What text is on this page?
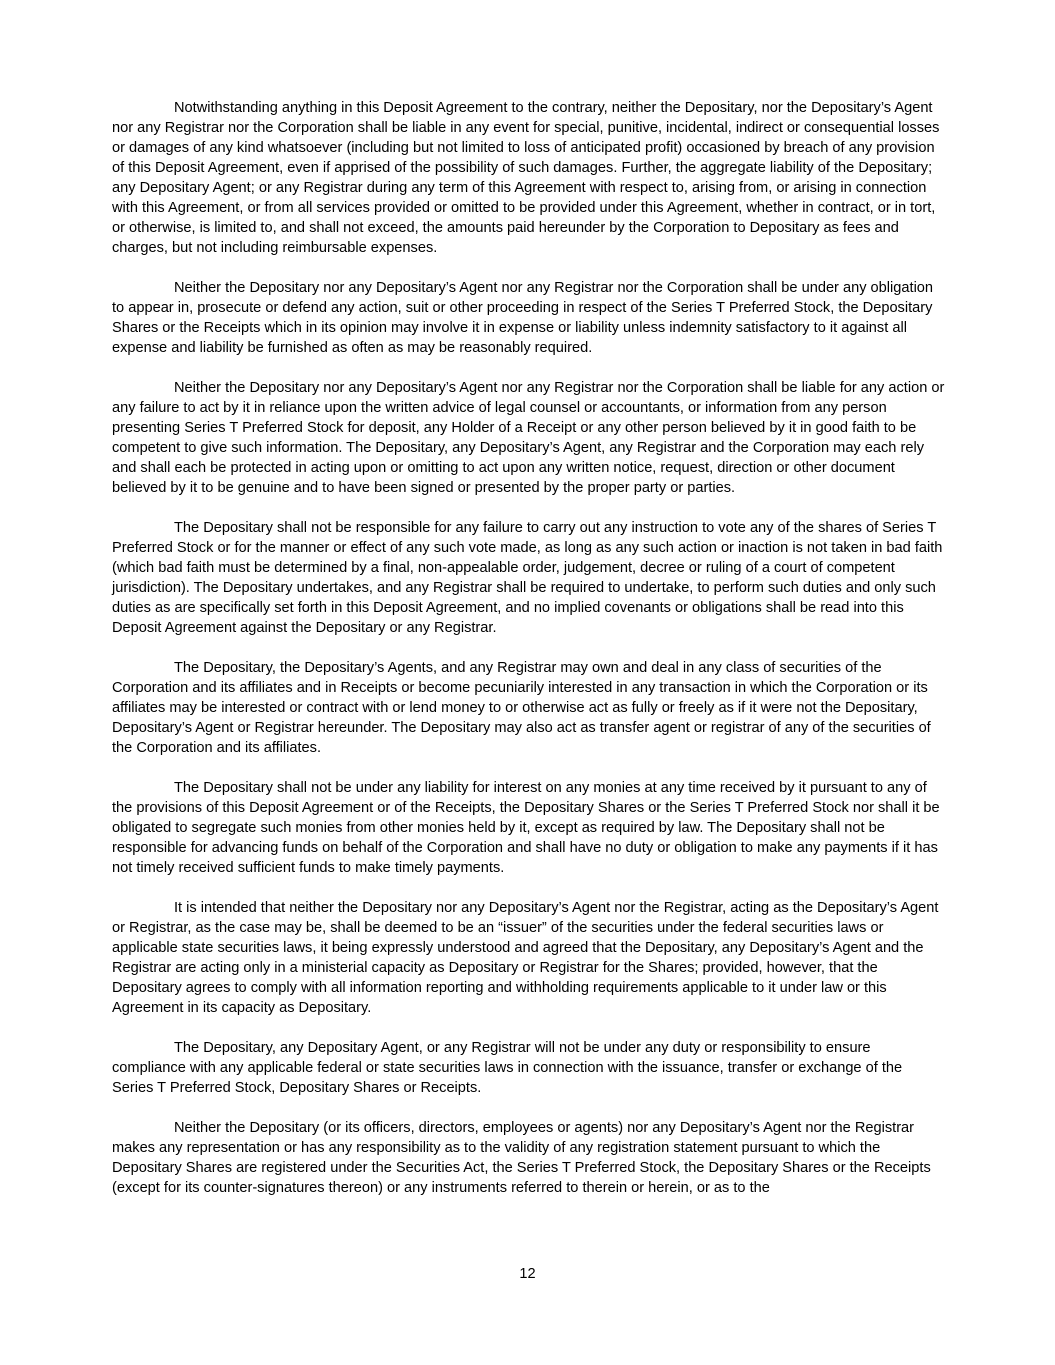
Notwithstanding anything in this Deposit Agreement to the contrary, neither the Depositary, nor the Depositary’s Agent nor any Registrar nor the Corporation shall be liable in any event for special, punitive, incidental, indirect or consequential losses or damages of any kind whatsoever (including but not limited to loss of anticipated profit) occasioned by breach of any provision of this Deposit Agreement, even if apprised of the possibility of such damages. Further, the aggregate liability of the Depositary; any Depositary Agent; or any Registrar during any term of this Agreement with respect to, arising from, or arising in connection with this Agreement, or from all services provided or omitted to be provided under this Agreement, whether in contract, or in tort, or otherwise, is limited to, and shall not exceed, the amounts paid hereunder by the Corporation to Depositary as fees and charges, but not including reimbursable expenses.

Neither the Depositary nor any Depositary’s Agent nor any Registrar nor the Corporation shall be under any obligation to appear in, prosecute or defend any action, suit or other proceeding in respect of the Series T Preferred Stock, the Depositary Shares or the Receipts which in its opinion may involve it in expense or liability unless indemnity satisfactory to it against all expense and liability be furnished as often as may be reasonably required.

Neither the Depositary nor any Depositary’s Agent nor any Registrar nor the Corporation shall be liable for any action or any failure to act by it in reliance upon the written advice of legal counsel or accountants, or information from any person presenting Series T Preferred Stock for deposit, any Holder of a Receipt or any other person believed by it in good faith to be competent to give such information. The Depositary, any Depositary’s Agent, any Registrar and the Corporation may each rely and shall each be protected in acting upon or omitting to act upon any written notice, request, direction or other document believed by it to be genuine and to have been signed or presented by the proper party or parties.

The Depositary shall not be responsible for any failure to carry out any instruction to vote any of the shares of Series T Preferred Stock or for the manner or effect of any such vote made, as long as any such action or inaction is not taken in bad faith (which bad faith must be determined by a final, non-appealable order, judgement, decree or ruling of a court of competent jurisdiction). The Depositary undertakes, and any Registrar shall be required to undertake, to perform such duties and only such duties as are specifically set forth in this Deposit Agreement, and no implied covenants or obligations shall be read into this Deposit Agreement against the Depositary or any Registrar.

The Depositary, the Depositary’s Agents, and any Registrar may own and deal in any class of securities of the Corporation and its affiliates and in Receipts or become pecuniarily interested in any transaction in which the Corporation or its affiliates may be interested or contract with or lend money to or otherwise act as fully or freely as if it were not the Depositary, Depositary’s Agent or Registrar hereunder. The Depositary may also act as transfer agent or registrar of any of the securities of the Corporation and its affiliates.

The Depositary shall not be under any liability for interest on any monies at any time received by it pursuant to any of the provisions of this Deposit Agreement or of the Receipts, the Depositary Shares or the Series T Preferred Stock nor shall it be obligated to segregate such monies from other monies held by it, except as required by law. The Depositary shall not be responsible for advancing funds on behalf of the Corporation and shall have no duty or obligation to make any payments if it has not timely received sufficient funds to make timely payments.

It is intended that neither the Depositary nor any Depositary’s Agent nor the Registrar, acting as the Depositary’s Agent or Registrar, as the case may be, shall be deemed to be an “issuer” of the securities under the federal securities laws or applicable state securities laws, it being expressly understood and agreed that the Depositary, any Depositary’s Agent and the Registrar are acting only in a ministerial capacity as Depositary or Registrar for the Shares; provided, however, that the Depositary agrees to comply with all information reporting and withholding requirements applicable to it under law or this Agreement in its capacity as Depositary.

The Depositary, any Depositary Agent, or any Registrar will not be under any duty or responsibility to ensure compliance with any applicable federal or state securities laws in connection with the issuance, transfer or exchange of the Series T Preferred Stock, Depositary Shares or Receipts.

Neither the Depositary (or its officers, directors, employees or agents) nor any Depositary’s Agent nor the Registrar makes any representation or has any responsibility as to the validity of any registration statement pursuant to which the Depositary Shares are registered under the Securities Act, the Series T Preferred Stock, the Depositary Shares or the Receipts (except for its counter-signatures thereon) or any instruments referred to therein or herein, or as to the

12
